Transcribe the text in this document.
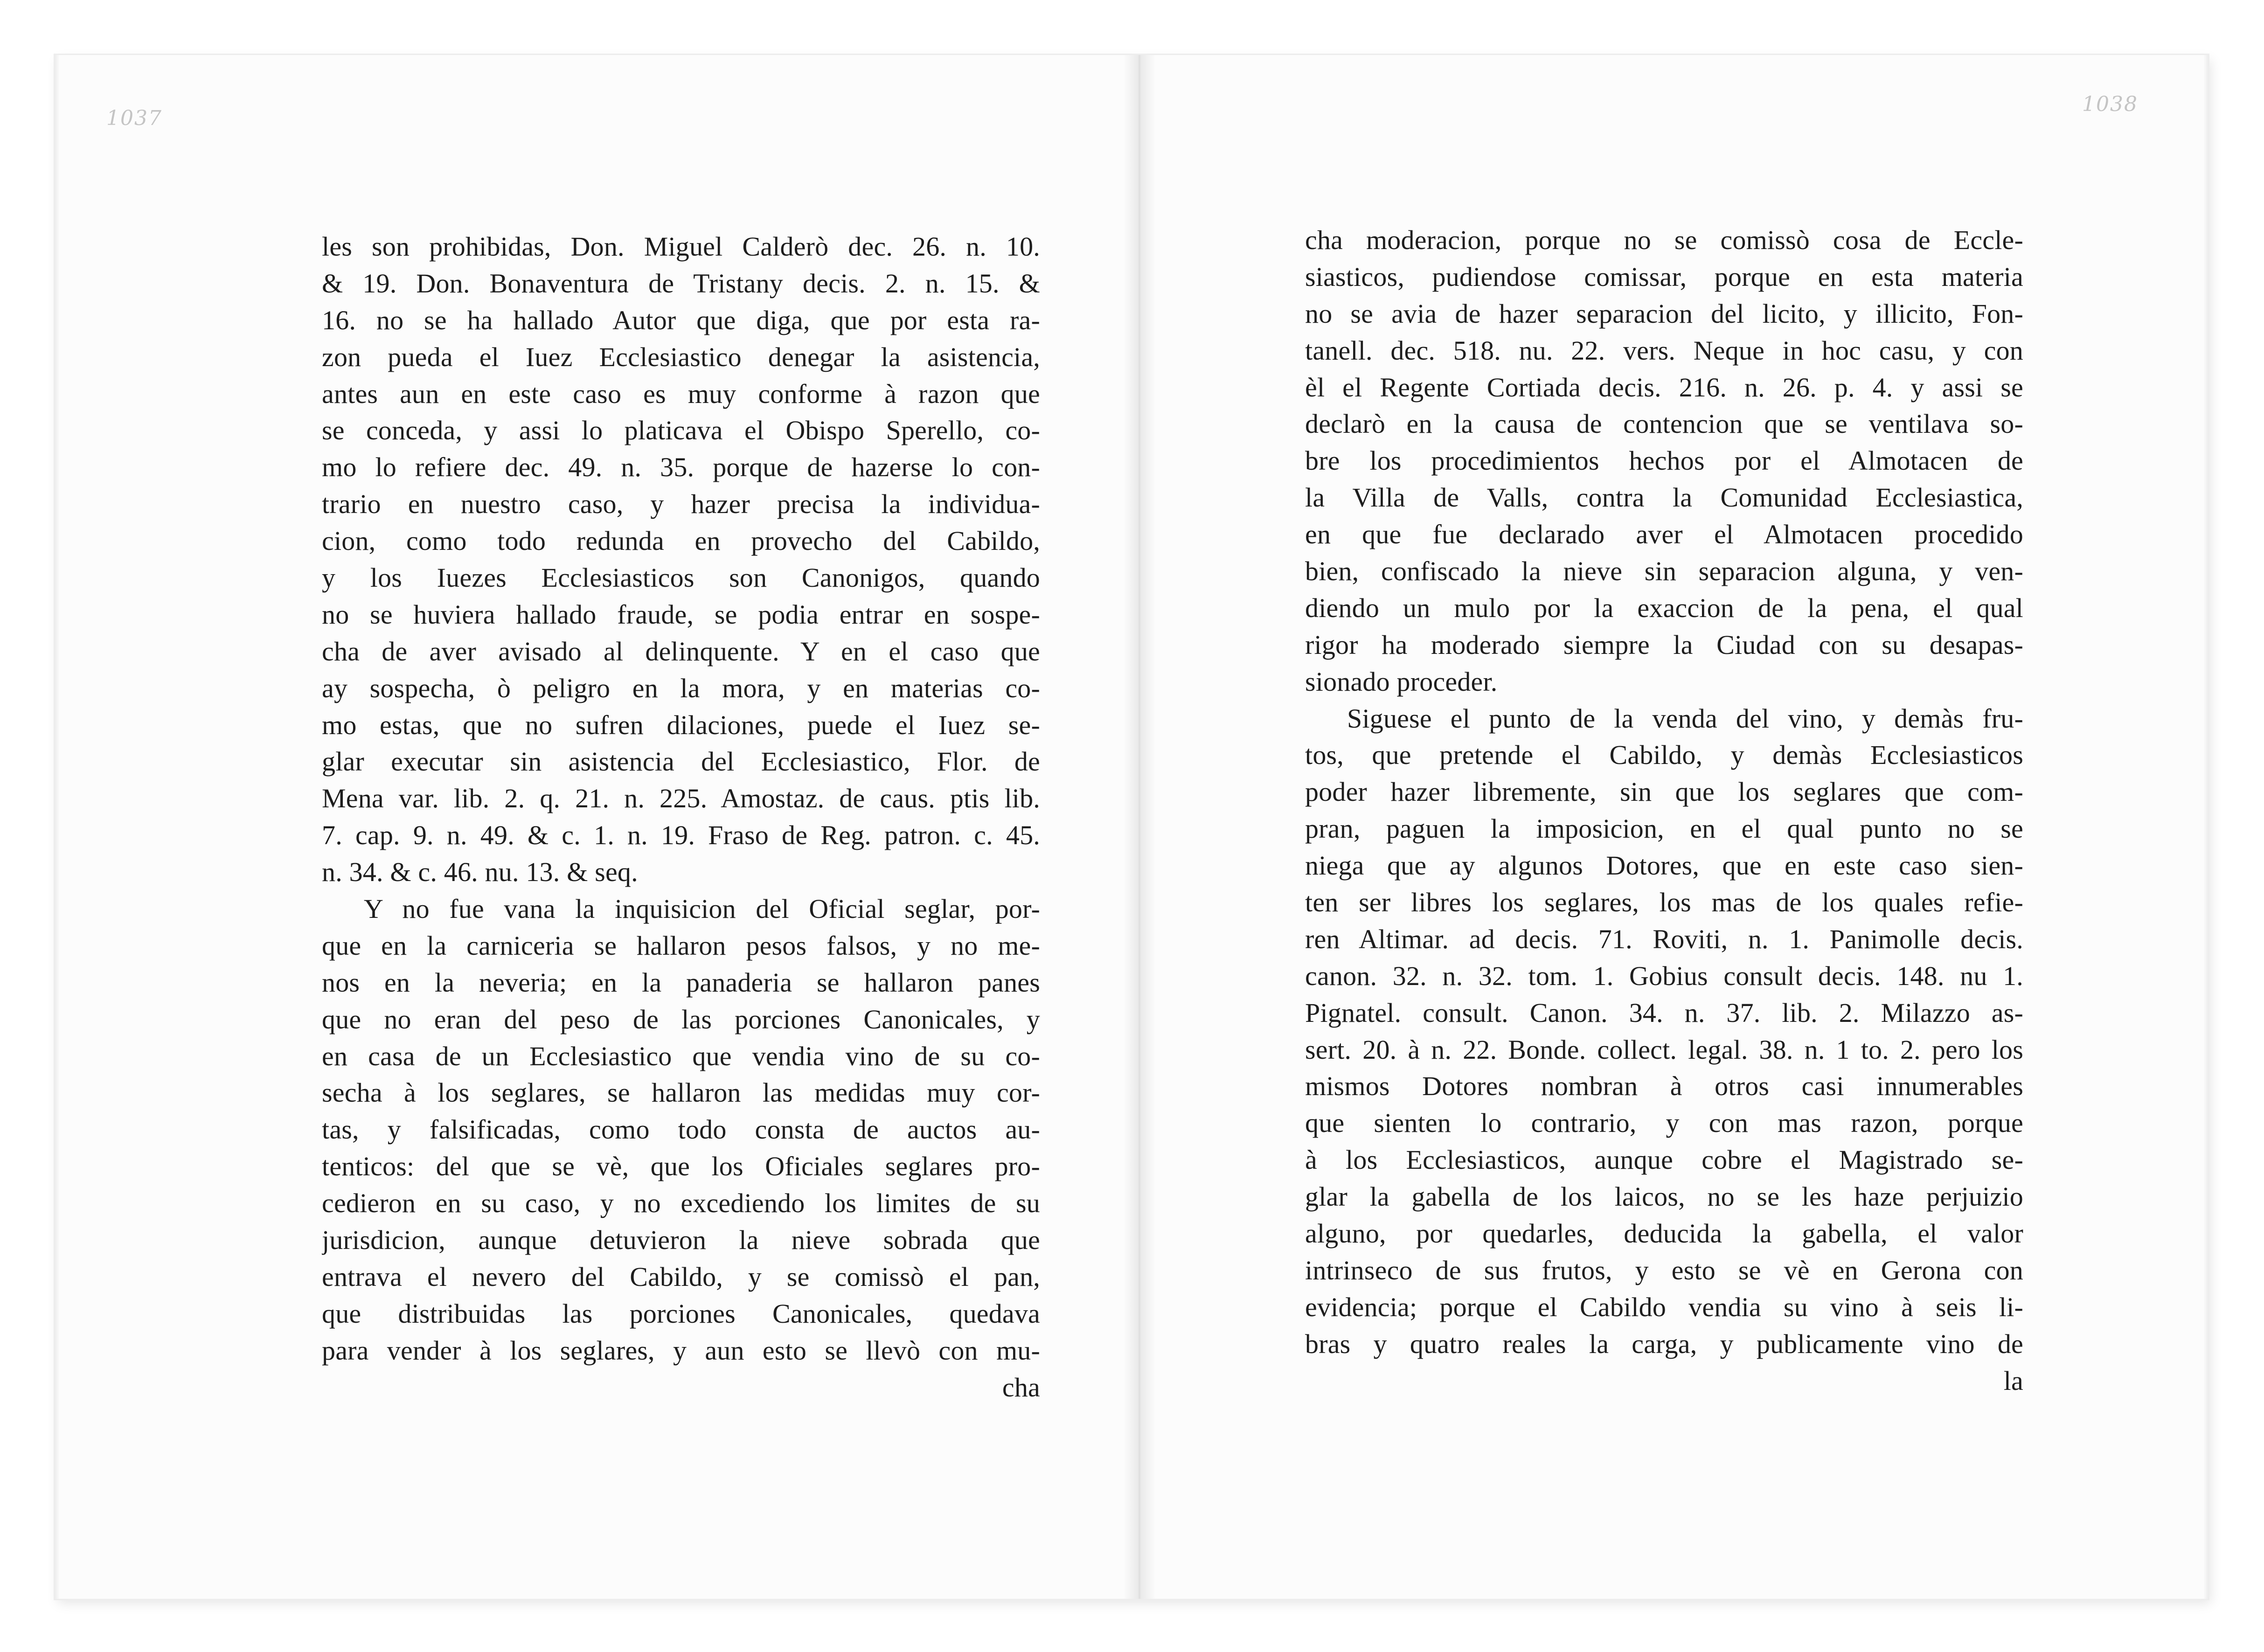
1037
1038
les son prohibidas, Don. Miguel Calderò dec. 26. n. 10.
& 19. Don. Bonaventura de Tristany decis. 2. n. 15. &
16. no se ha hallado Autor que diga, que por esta ra-
zon pueda el Iuez Ecclesiastico denegar la asistencia,
antes aun en este caso es muy conforme à razon que
se conceda, y assi lo platicava el Obispo Sperello, co-
mo lo refiere dec. 49. n. 35. porque de hazerse lo con-
trario en nuestro caso, y hazer precisa la individua-
cion, como todo redunda en provecho del Cabildo,
y los Iuezes Ecclesiasticos son Canonigos, quando
no se huviera hallado fraude, se podia entrar en sospe-
cha de aver avisado al delinquente. Y en el caso que
ay sospecha, ò peligro en la mora, y en materias co-
mo estas, que no sufren dilaciones, puede el Iuez se-
glar executar sin asistencia del Ecclesiastico, Flor. de
Mena var. lib. 2. q. 21. n. 225. Amostaz. de caus. ptis lib.
7. cap. 9. n. 49. & c. 1. n. 19. Fraso de Reg. patron. c. 45.
n. 34. & c. 46. nu. 13. & seq.
Y no fue vana la inquisicion del Oficial seglar, por-
que en la carniceria se hallaron pesos falsos, y no me-
nos en la neveria; en la panaderia se hallaron panes
que no eran del peso de las porciones Canonicales, y
en casa de un Ecclesiastico que vendia vino de su co-
secha à los seglares, se hallaron las medidas muy cor-
tas, y falsificadas, como todo consta de auctos au-
tenticos: del que se vè, que los Oficiales seglares pro-
cedieron en su caso, y no excediendo los limites de su
jurisdicion, aunque detuvieron la nieve sobrada que
entrava el nevero del Cabildo, y se comissò el pan,
que distribuidas las porciones Canonicales, quedava
para vender à los seglares, y aun esto se llevò con mu-
cha
cha moderacion, porque no se comissò cosa de Eccle-
siasticos, pudiendose comissar, porque en esta materia
no se avia de hazer separacion del licito, y illicito, Fon-
tanell. dec. 518. nu. 22. vers. Neque in hoc casu, y con
èl el Regente Cortiada decis. 216. n. 26. p. 4. y assi se
declarò en la causa de contencion que se ventilava so-
bre los procedimientos hechos por el Almotacen de
la Villa de Valls, contra la Comunidad Ecclesiastica,
en que fue declarado aver el Almotacen procedido
bien, confiscado la nieve sin separacion alguna, y ven-
diendo un mulo por la exaccion de la pena, el qual
rigor ha moderado siempre la Ciudad con su desapas-
sionado proceder.
Siguese el punto de la venda del vino, y demàs fru-
tos, que pretende el Cabildo, y demàs Ecclesiasticos
poder hazer libremente, sin que los seglares que com-
pran, paguen la imposicion, en el qual punto no se
niega que ay algunos Dotores, que en este caso sien-
ten ser libres los seglares, los mas de los quales refie-
ren Altimar. ad decis. 71. Roviti, n. 1. Panimolle decis.
canon. 32. n. 32. tom. 1. Gobius consult decis. 148. nu 1.
Pignatel. consult. Canon. 34. n. 37. lib. 2. Milazzo as-
sert. 20. à n. 22. Bonde. collect. legal. 38. n. 1 to. 2. pero los
mismos Dotores nombran à otros casi innumerables
que sienten lo contrario, y con mas razon, porque
à los Ecclesiasticos, aunque cobre el Magistrado se-
glar la gabella de los laicos, no se les haze perjuizio
alguno, por quedarles, deducida la gabella, el valor
intrinseco de sus frutos, y esto se vè en Gerona con
evidencia; porque el Cabildo vendia su vino à seis li-
bras y quatro reales la carga, y publicamente vino de
la
